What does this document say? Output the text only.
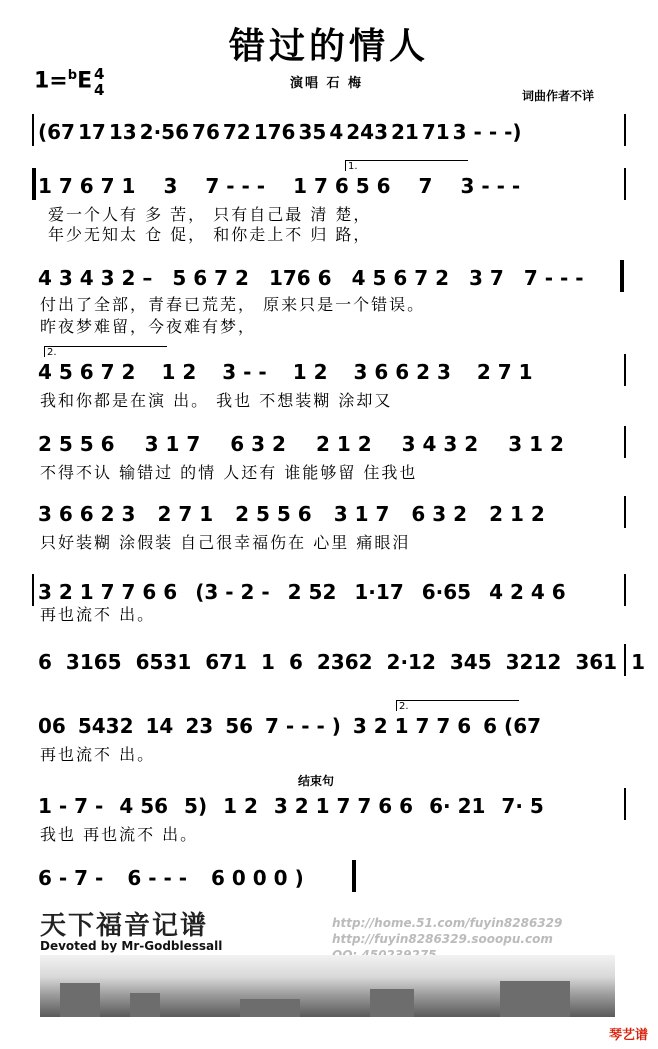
错过的情人
1=$^b$E 4
4	演唱 石 梅
词曲作者不详
(67 17 13 2·56 76 72 176 35 4 243 21 71 3 - - -)
1.
1 7 6 7 1 3 7 - - - 1 7 6 5 6 7 3 - - -
爱一个人有 多 苦， 只有自己最 清 楚，
年少无知太 仓 促， 和你走上不 归 路，
4 3 4 3 2 – 5 6 7 2 176 6 4 5 6 7 2 3 7 7 - - -
付出了全部，青春已荒芜， 原来只是一个错误。
昨夜梦难留，今夜难有梦，
2.
4 5 6 7 2 1 2 3 - - 1 2 3 6 6 2 3 2 7 1
我和你都是在演 出。 我也 不想装糊 涂却又
2 5 5 6 3 1 7 6 3 2 2 1 2 3 4 3 2 3 1 2
不得不认 输错过 的情 人还有 谁能够留 住我也
3 6 6 2 3 2 7 1 2 5 5 6 3 1 7 6 3 2 2 1 2
只好装糊 涂假装 自己很幸福伤在 心里 痛眼泪
3 2 1 7 7 6 6 (3 - 2 - 2 52 1·17 6·65 4 2 4 6
再也流不 出。
6 3165 6531 671 1 6 2362 2·12 345 3212 361 1
2.
06 5432 14 23 56 7 - - - ) 3 2 1 7 7 6 6 (67
再也流不 出。
结束句
1 - 7 - 4 56 5) 1 2 3 2 1 7 7 6 6 6· 21 7· 5
我也 再也流不 出。
6 - 7 - 6 - - - 6 0 0 0 )
天下福音记谱
Devoted by Mr-Godblessall
http://home.51.com/fuyin8286329
http://fuyin8286329.sooopu.com
琴艺谱
